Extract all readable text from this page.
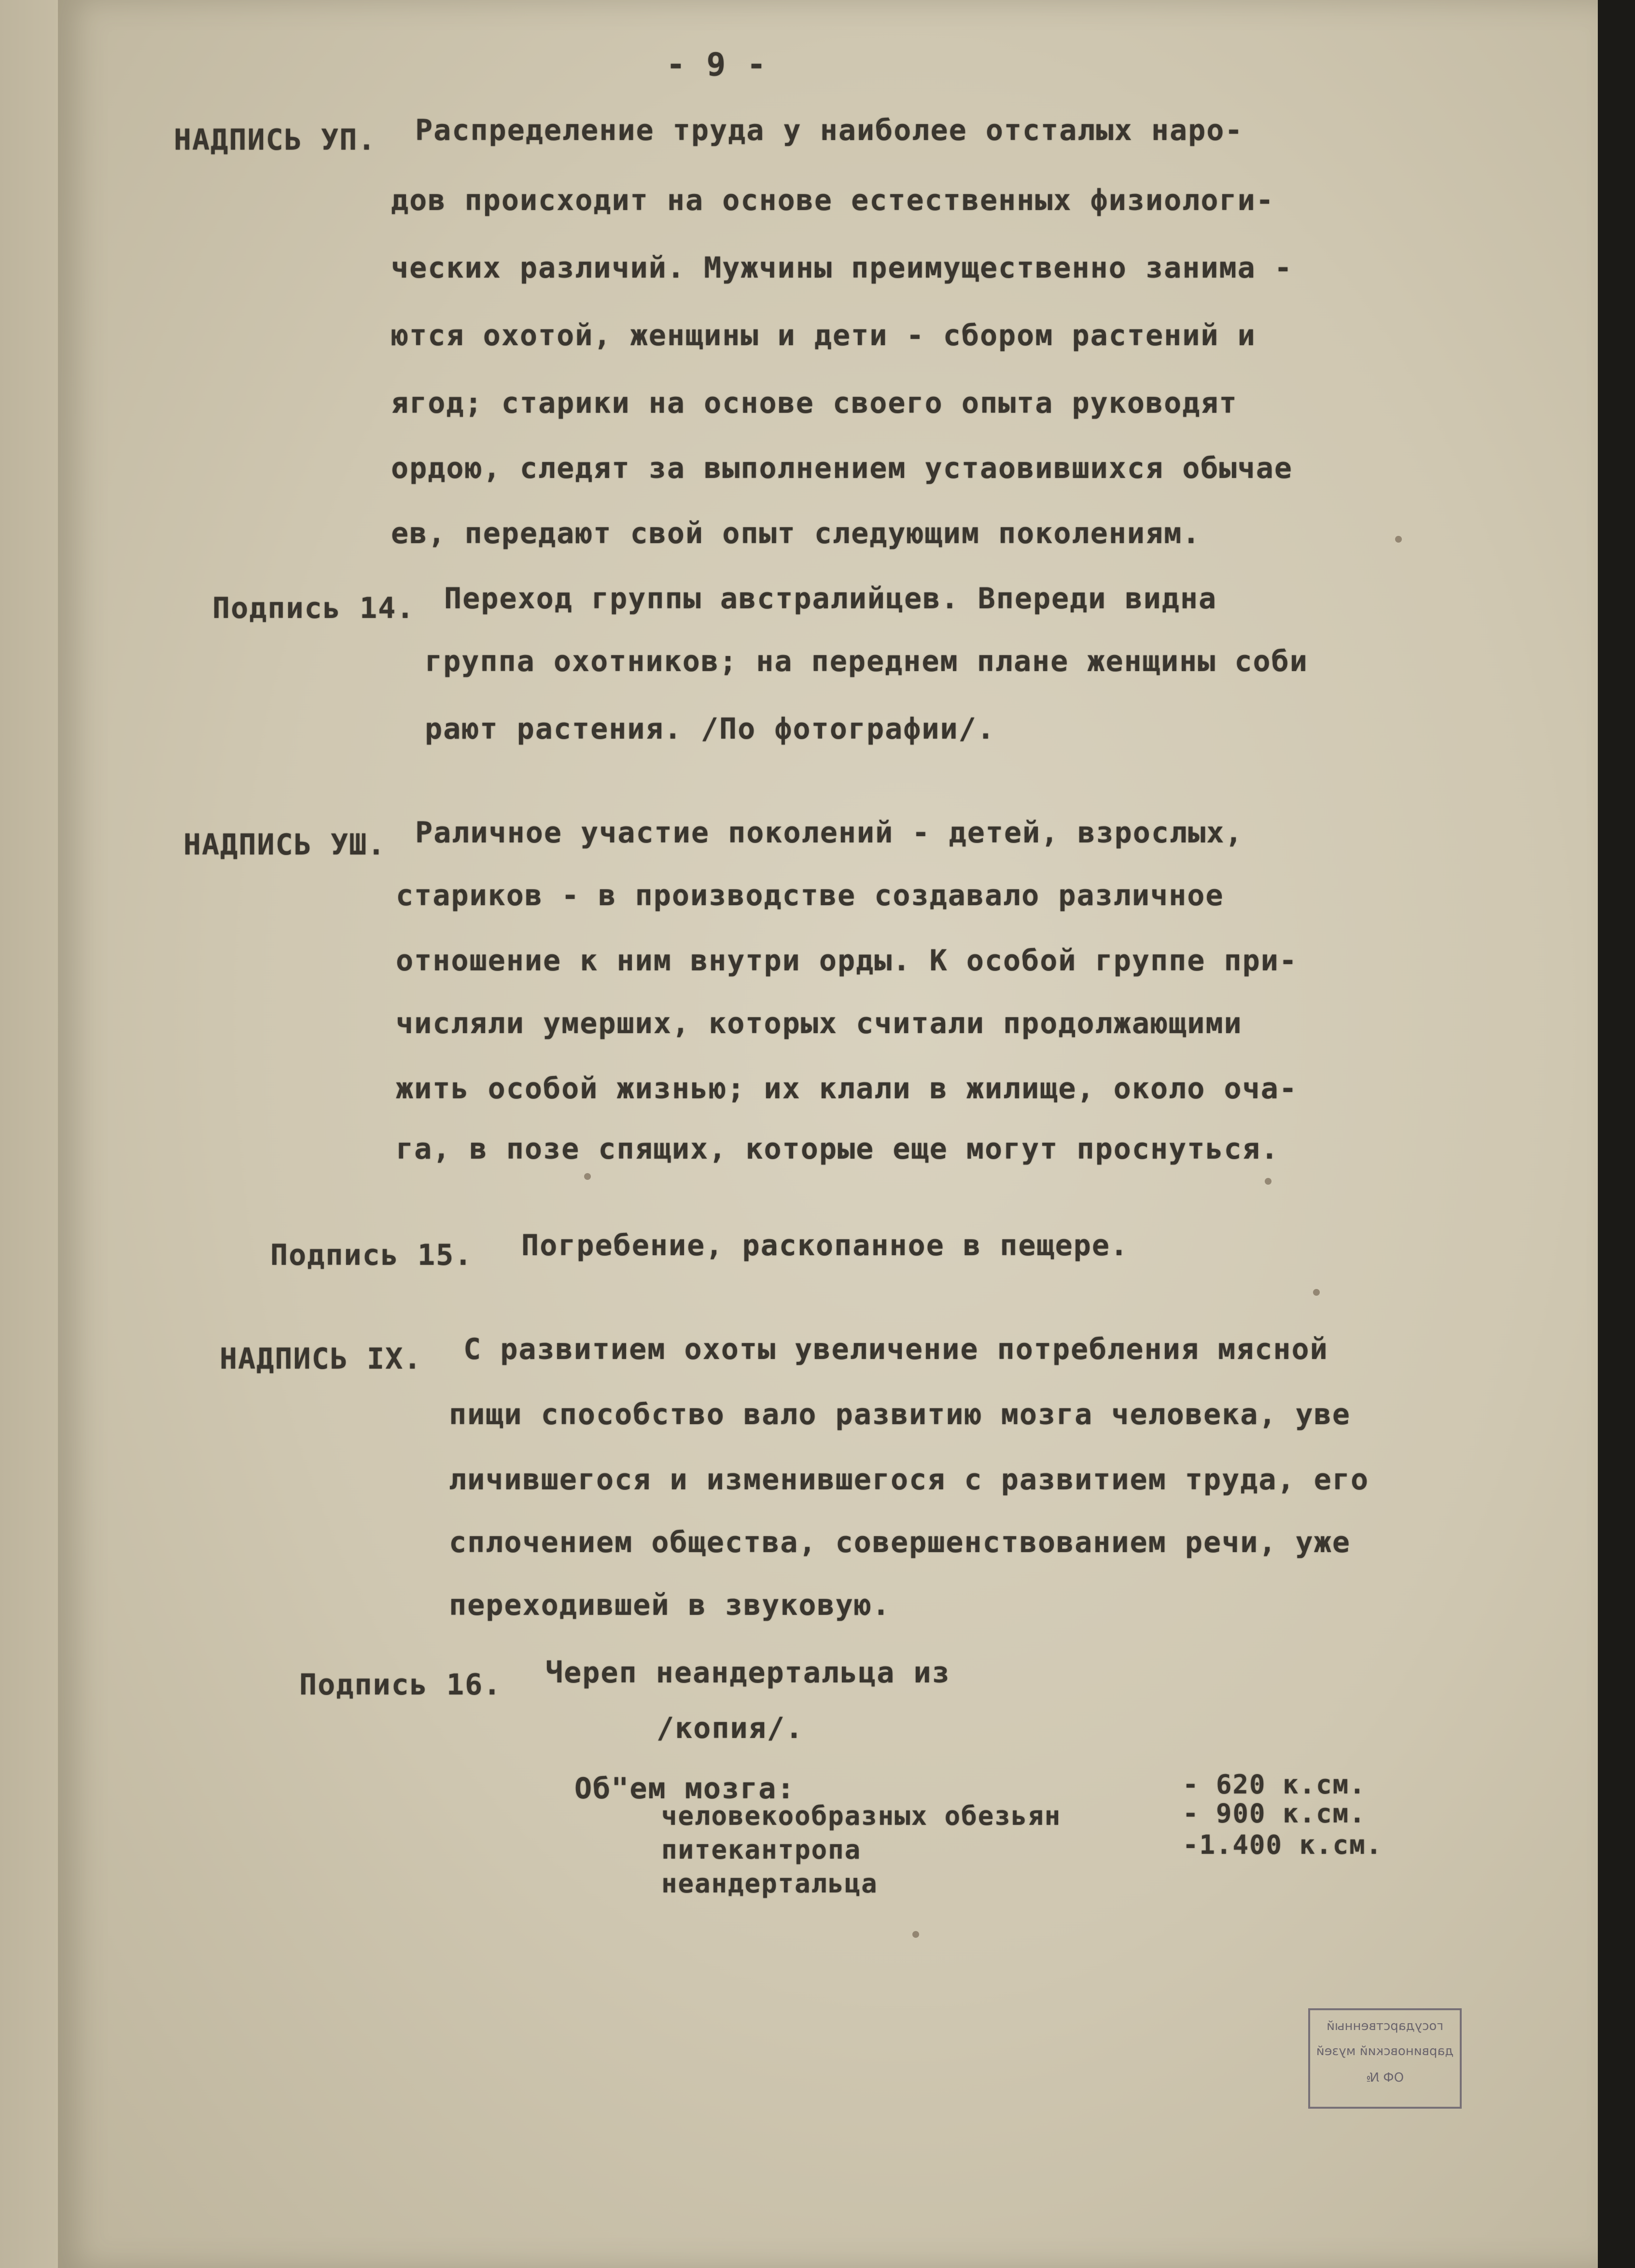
- 9 -
НАДПИСЬ УП. Распределение труда у наиболее отсталых наро-
дов происходит на основе естественных физиологи-
ческих различий. Мужчины преимущественно занима -
ются охотой, женщины и дети - сбором растений и
ягод; старики на основе своего опыта руководят
ордою, следят за выполнением устаовившихся обычаe
ев, передают свой опыт следующим поколениям.
Подпись 14. Переход группы австралийцев. Впереди видна
группа охотников; на переднем плане женщины соби
рают растения. /По фотографии/.
НАДПИСЬ УШ. Раличное участие поколений - детей, взрослых,
стариков - в производстве создавало различное
отношение к ним внутри орды. К особой группе при-
числяли умерших, которых считали продолжающими
жить особой жизнью; их клали в жилище, около оча-
га, в позе спящих, которые еще могут проснуться.
Подпись 15. Погребение, раскопанное в пещере.
НАДПИСЬ IX. С развитием охоты увеличение потребления мясной
пищи способство вало развитию мозга человека, уве
личившегося и изменившегося с развитием труда, его
сплочением общества, совершенствованием речи, уже
переходившей в звуковую.
Подпись 16. Череп неандертальца из
/копия/.
Об"ем мозга:
человекообразных обезьян
- 620 к.см.
питекантропа
- 900 к.см.
неандертальца
-1.400 к.см.
государственный
дарвиновский музей
ОФ №
